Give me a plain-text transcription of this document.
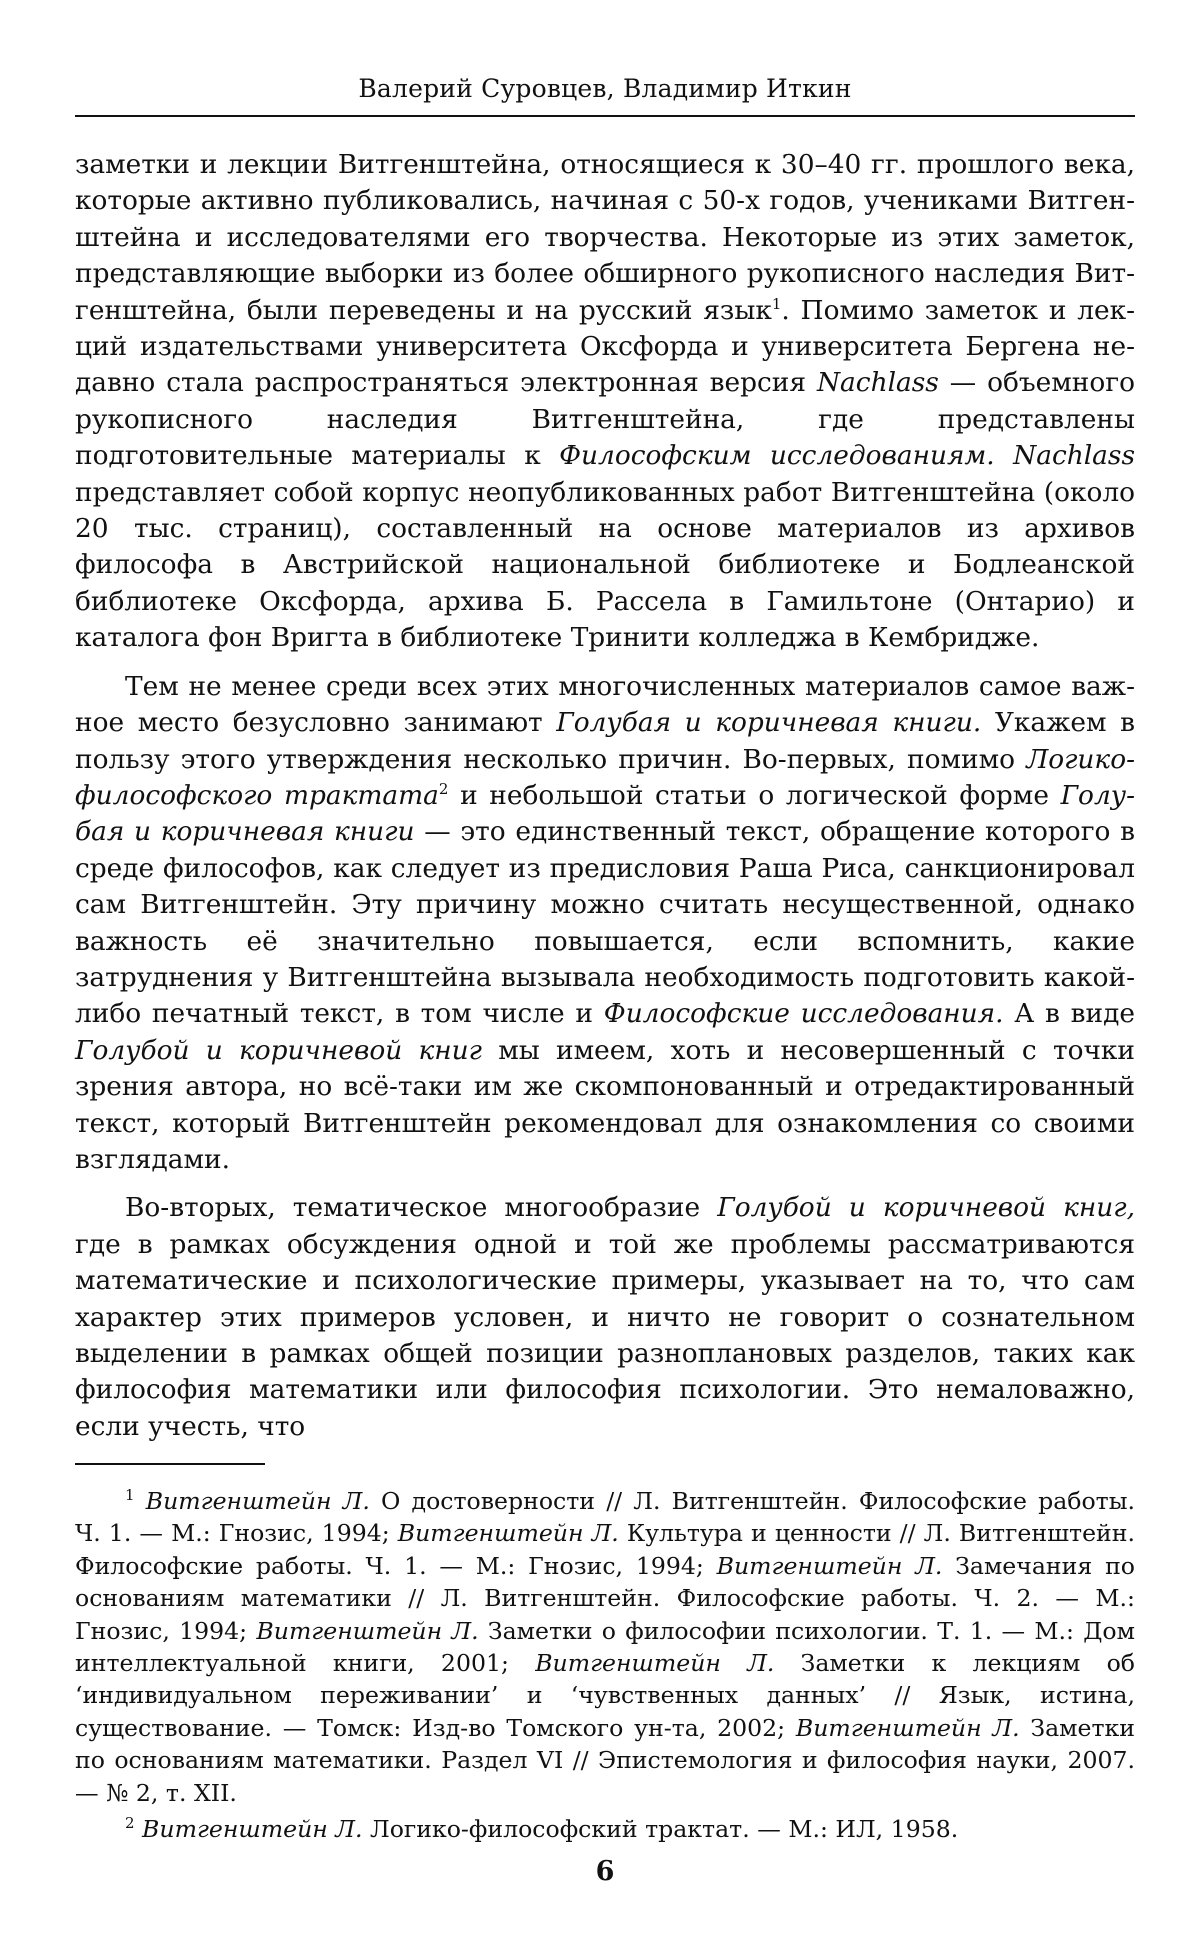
Валерий Суровцев, Владимир Иткин

заметки и лекции Витгенштейна, относящиеся к 30–40 гг. прошлого века, которые активно публиковались, начиная с 50-х годов, учениками Витгенштейна и исследователями его творчества. Некоторые из этих заметок, представляющие выборки из более обширного рукописного наследия Витгенштейна, были переведены и на русский язык$^1$. Помимо заметок и лекций издательствами университета Оксфорда и университета Бергена недавно стала распространяться электронная версия Nachlass — объемного рукописного наследия Витгенштейна, где представлены подготовительные материалы к Философским исследованиям. Nachlass представляет собой корпус неопубликованных работ Витгенштейна (около 20 тыс. страниц), составленный на основе материалов из архивов философа в Австрийской национальной библиотеке и Бодлеанской библиотеке Оксфорда, архива Б. Рассела в Гамильтоне (Онтарио) и каталога фон Вригта в библиотеке Тринити колледжа в Кембридже.

Тем не менее среди всех этих многочисленных материалов самое важное место безусловно занимают Голубая и коричневая книги. Укажем в пользу этого утверждения несколько причин. Во-первых, помимо Логико-философского трактата$^2$ и небольшой статьи о логической форме Голубая и коричневая книги — это единственный текст, обращение которого в среде философов, как следует из предисловия Раша Риса, санкционировал сам Витгенштейн. Эту причину можно считать несущественной, однако важность её значительно повышается, если вспомнить, какие затруднения у Витгенштейна вызывала необходимость подготовить какой-либо печатный текст, в том числе и Философские исследования. А в виде Голубой и коричневой книг мы имеем, хоть и несовершенный с точки зрения автора, но всё-таки им же скомпонованный и отредактированный текст, который Витгенштейн рекомендовал для ознакомления со своими взглядами.

Во-вторых, тематическое многообразие Голубой и коричневой книг, где в рамках обсуждения одной и той же проблемы рассматриваются математические и психологические примеры, указывает на то, что сам характер этих примеров условен, и ничто не говорит о сознательном выделении в рамках общей позиции разноплановых разделов, таких как философия математики или философия психологии. Это немаловажно, если учесть, что

$^1$ Витгенштейн Л. О достоверности // Л. Витгенштейн. Философские работы. Ч. 1. — М.: Гнозис, 1994; Витгенштейн Л. Культура и ценности // Л. Витгенштейн. Философские работы. Ч. 1. — М.: Гнозис, 1994; Витгенштейн Л. Замечания по основаниям математики // Л. Витгенштейн. Философские работы. Ч. 2. — М.: Гнозис, 1994; Витгенштейн Л. Заметки о философии психологии. Т. 1. — М.: Дом интеллектуальной книги, 2001; Витгенштейн Л. Заметки к лекциям об ‘индивидуальном переживании’ и ‘чувственных данных’ // Язык, истина, существование. — Томск: Изд-во Томского ун-та, 2002; Витгенштейн Л. Заметки по основаниям математики. Раздел VI // Эпистемология и философия науки, 2007. — № 2, т. XII.

$^2$ Витгенштейн Л. Логико-философский трактат. — М.: ИЛ, 1958.

6
